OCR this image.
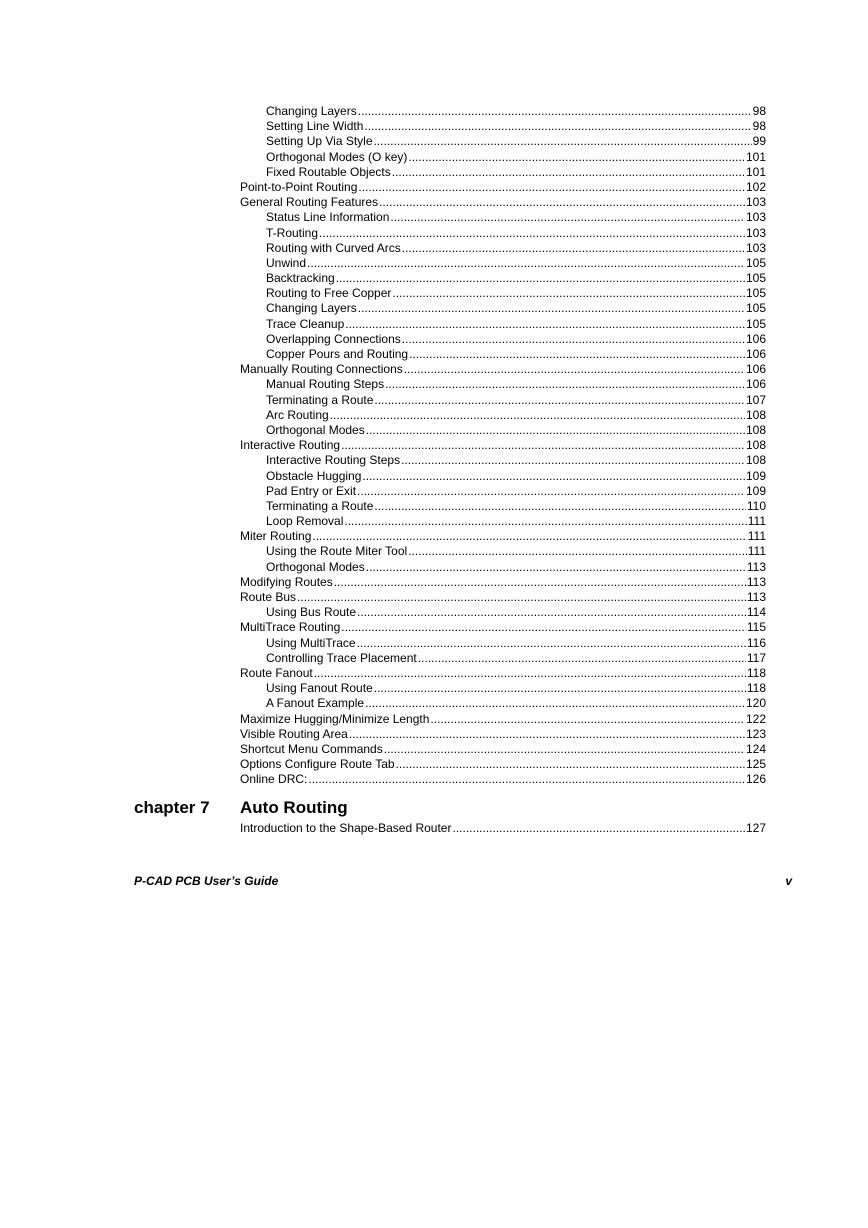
Changing Layers .....	98
Setting Line Width .....	98
Setting Up Via Style .....	99
Orthogonal Modes (O key) .....	101
Fixed Routable Objects .....	101
Point-to-Point Routing .....	102
General Routing Features .....	103
Status Line Information .....	103
T-Routing .....	103
Routing with Curved Arcs .....	103
Unwind .....	105
Backtracking .....	105
Routing to Free Copper .....	105
Changing Layers .....	105
Trace Cleanup .....	105
Overlapping Connections .....	106
Copper Pours and Routing .....	106
Manually Routing Connections .....	106
Manual Routing Steps .....	106
Terminating a Route .....	107
Arc Routing .....	108
Orthogonal Modes .....	108
Interactive Routing .....	108
Interactive Routing Steps .....	108
Obstacle Hugging .....	109
Pad Entry or Exit .....	109
Terminating a Route .....	110
Loop Removal .....	111
Miter Routing .....	111
Using the Route Miter Tool .....	111
Orthogonal Modes .....	113
Modifying Routes .....	113
Route Bus .....	113
Using Bus Route .....	114
MultiTrace Routing .....	115
Using MultiTrace .....	116
Controlling Trace Placement .....	117
Route Fanout .....	118
Using Fanout Route .....	118
A Fanout Example .....	120
Maximize Hugging/Minimize Length .....	122
Visible Routing Area .....	123
Shortcut Menu Commands .....	124
Options Configure Route Tab .....	125
Online DRC: .....	126
chapter 7 Auto Routing
Introduction to the Shape-Based Router .....	127
P-CAD PCB User’s Guide	v
